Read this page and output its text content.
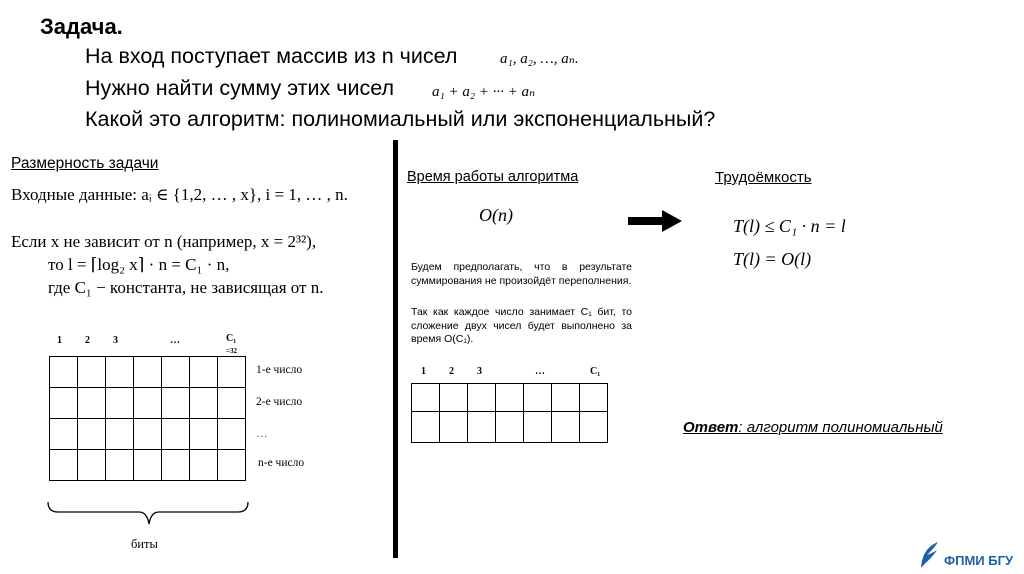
Задача.
На вход поступает массив из n чисел	a₁, a₂, …, aₙ.
Нужно найти сумму этих чисел	a₁ + a₂ + ··· + aₙ
Какой это алгоритм: полиномиальный или экспоненциальный?
Размерность задачи
Входные данные: aᵢ ∈ {1,2, … , x}, i = 1, … , n.
Если x не зависит от n (например, x = 2³²),
то l = ⌈log₂ x⌉ · n = C₁ · n,
где C₁ − константа, не зависящая от n.
1 2 3	…	C₁
=32

1-е число
2-е число
…
n-е число
биты
Время работы алгоритма
O(n)
Будем предполагать, что в результате суммирования не произойдёт переполнения.
Так как каждое число занимает C₁ бит, то сложение двух чисел будет выполнено за время O(C₁).
1 2 3	…	C₁

Трудоёмкость
T(l) ≤ C₁ · n = l
T(l) = O(l)
Ответ: алгоритм полиномиальный
ФПМИ БГУ
